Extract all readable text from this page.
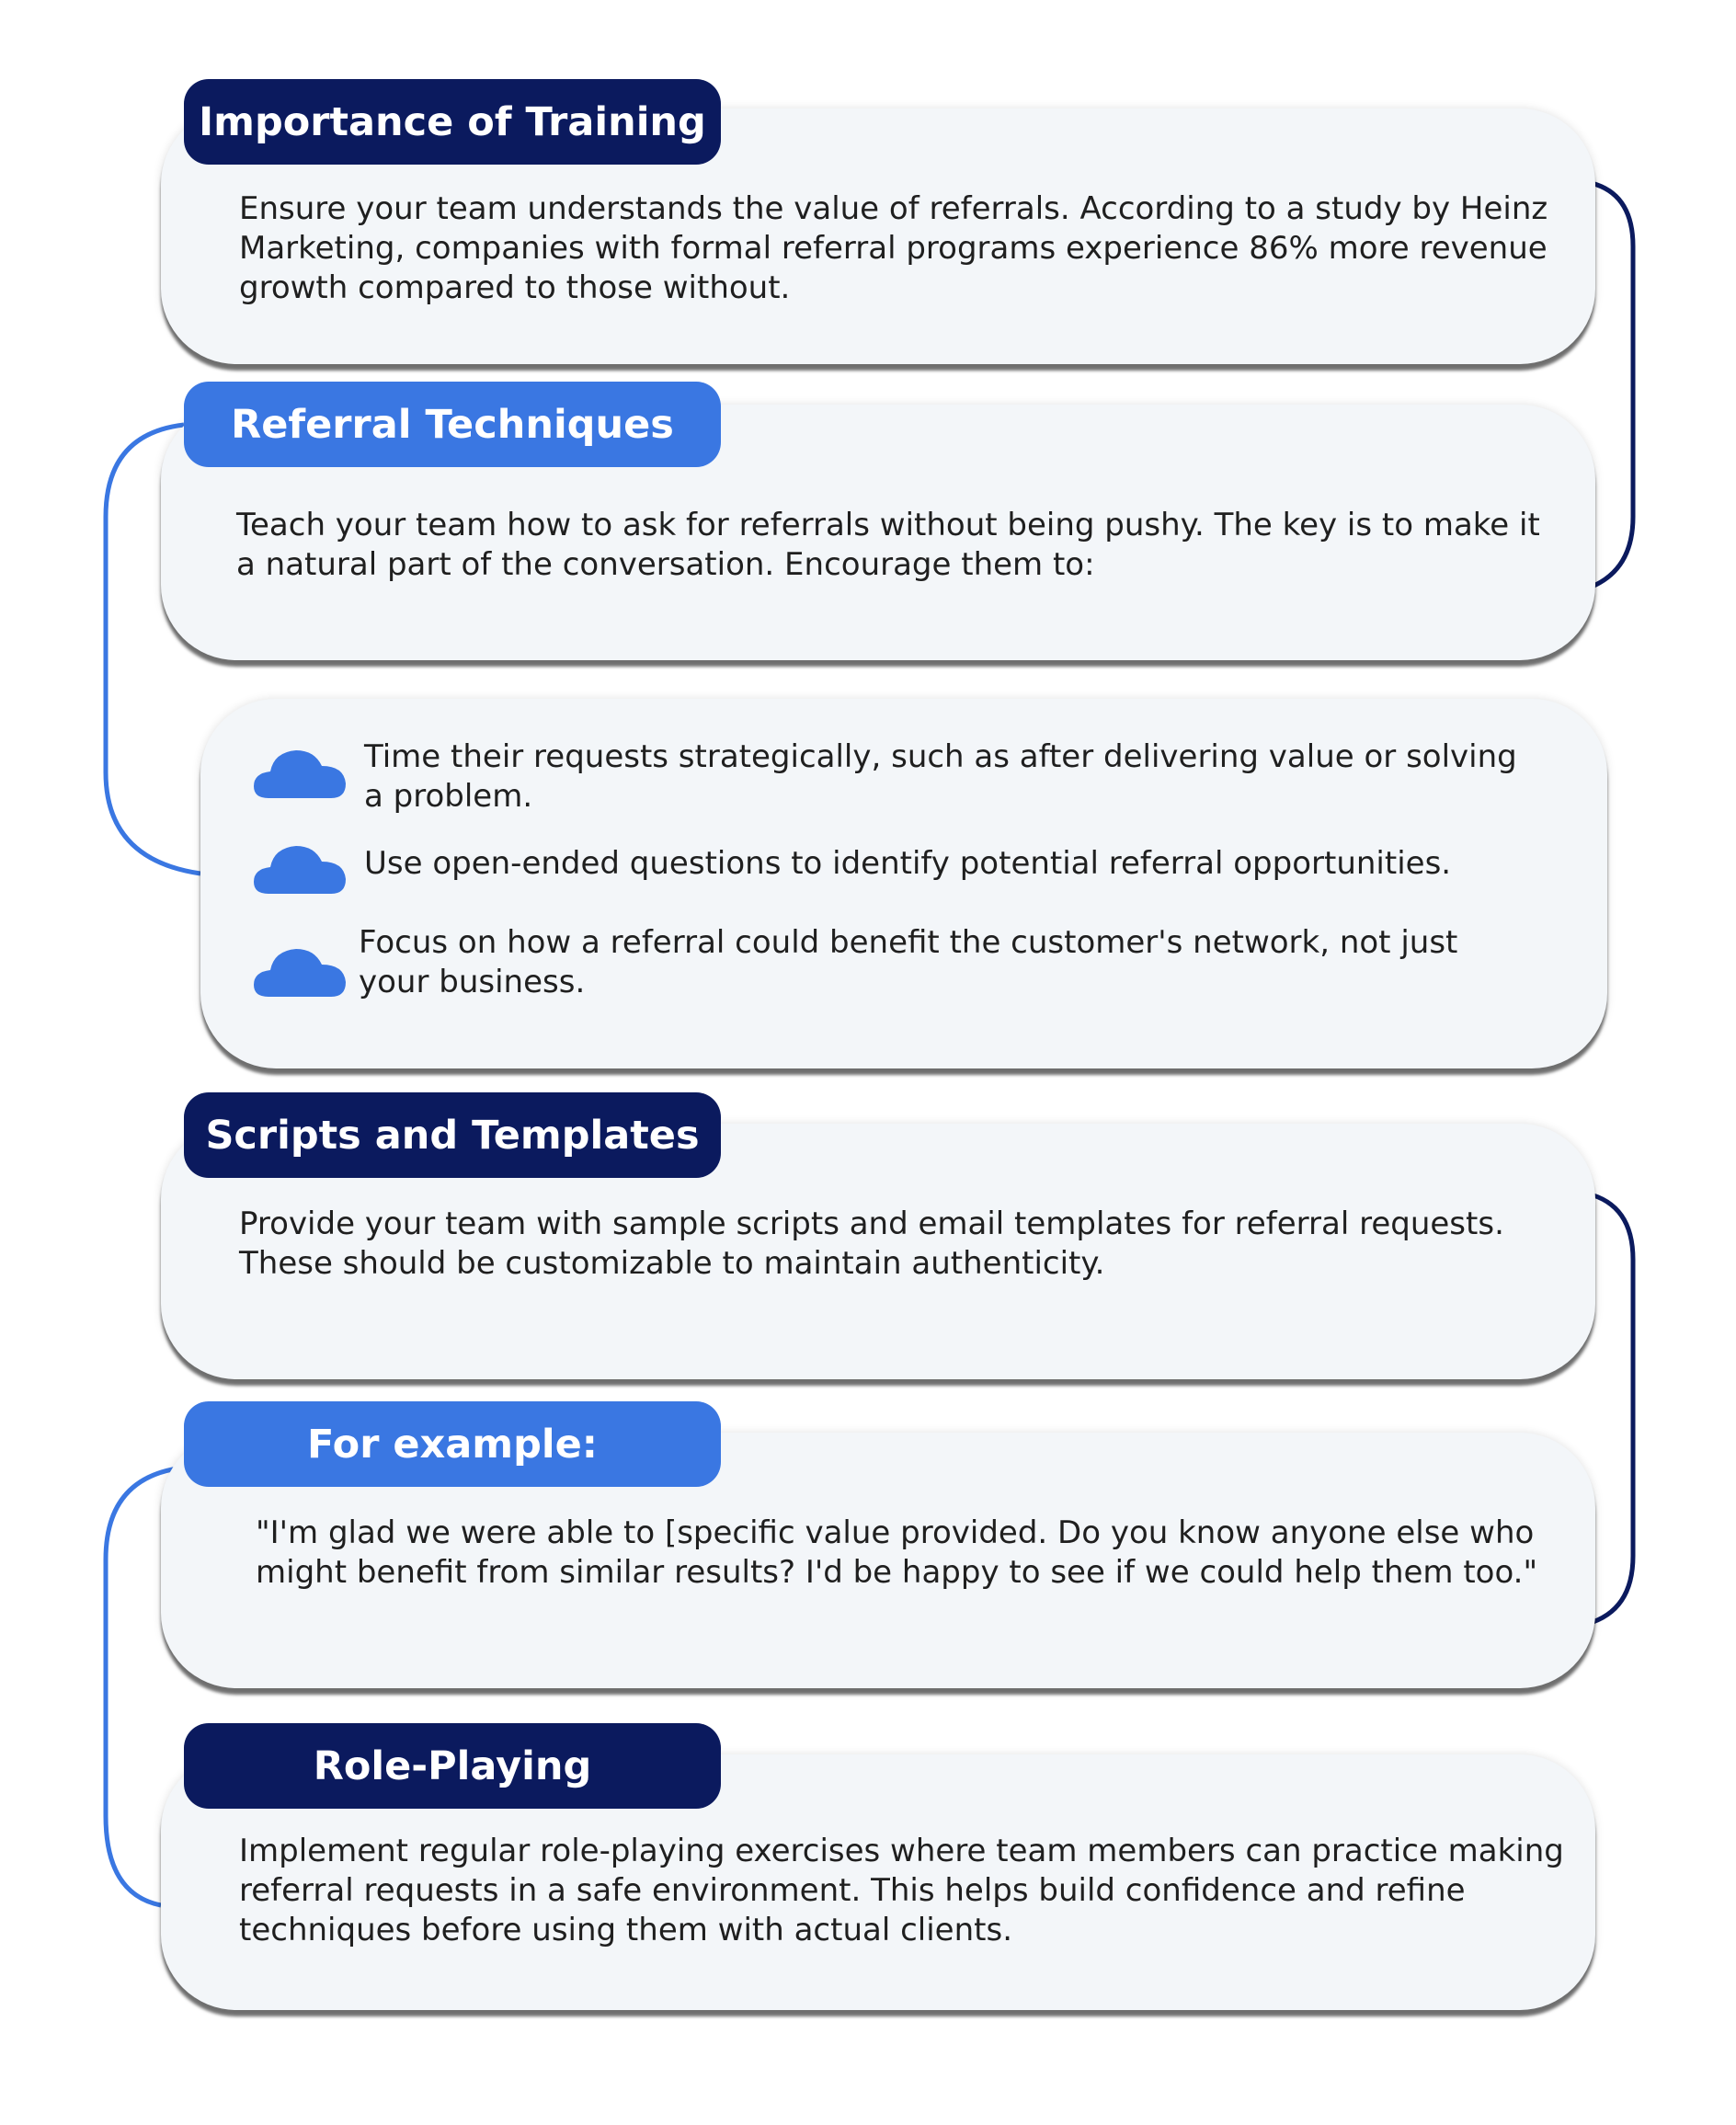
Ensure your team understands the value of referrals. According to a study by Heinz Marketing, companies with formal referral programs experience 86% more revenue growth compared to those without.

Importance of Training

Teach your team how to ask for referrals without being pushy. The key is to make it a natural part of the conversation. Encourage them to:

Referral Techniques

Time their requests strategically, such as after delivering value or solving a problem.

Use open-ended questions to identify potential referral opportunities.

Focus on how a referral could benefit the customer's network, not just your business.

Provide your team with sample scripts and email templates for referral requests. These should be customizable to maintain authenticity.

Scripts and Templates

"I'm glad we were able to [specific value provided. Do you know anyone else who might benefit from similar results? I'd be happy to see if we could help them too."

For example:

Implement regular role-playing exercises where team members can practice making referral requests in a safe environment. This helps build confidence and refine techniques before using them with actual clients.

Role-Playing
